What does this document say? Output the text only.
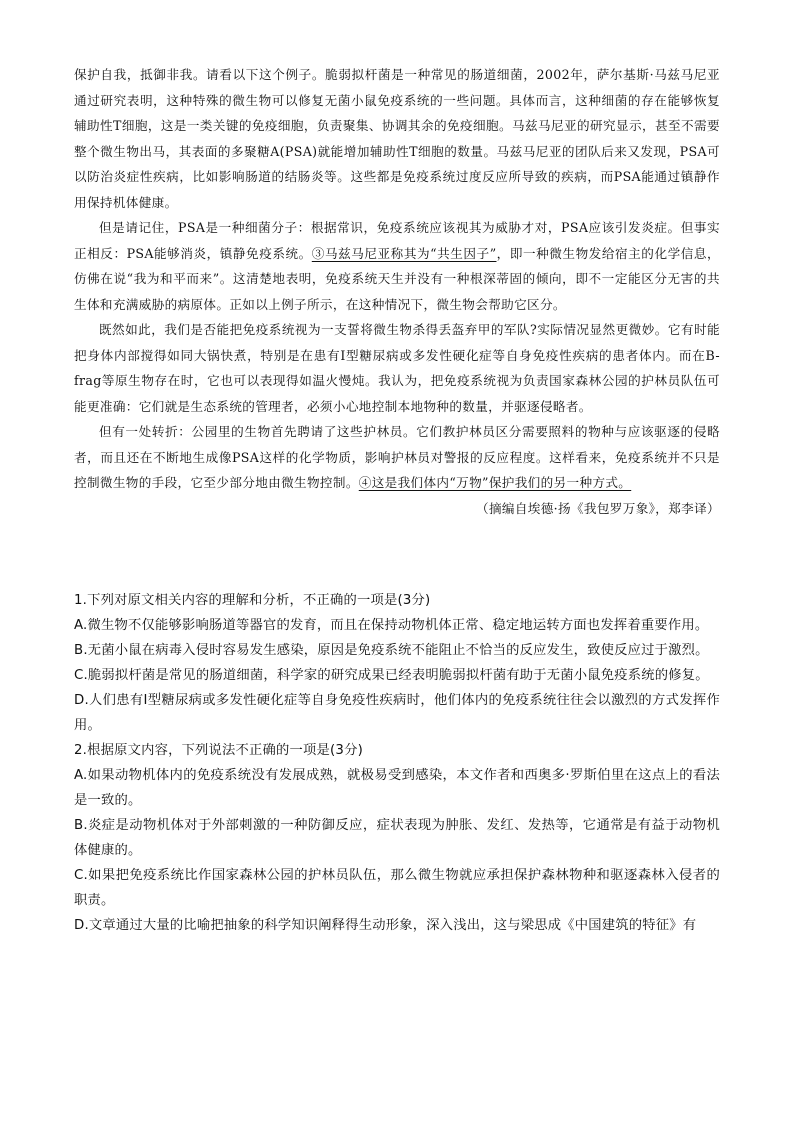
保护自我，抵御非我。请看以下这个例子。脆弱拟杆菌是一种常见的肠道细菌，2002年，萨尔基斯·马兹马尼亚通过研究表明，这种特殊的微生物可以修复无菌小鼠免疫系统的一些问题。具体而言，这种细菌的存在能够恢复辅助性T细胞，这是一类关键的免疫细胞，负责聚集、协调其余的免疫细胞。马兹马尼亚的研究显示，甚至不需要整个微生物出马，其表面的多聚糖A(PSA)就能增加辅助性T细胞的数量。马兹马尼亚的团队后来又发现，PSA可以防治炎症性疾病，比如影响肠道的结肠炎等。这些都是免疫系统过度反应所导致的疾病，而PSA能通过镇静作用保持机体健康。

但是请记住，PSA是一种细菌分子：根据常识，免疫系统应该视其为威胁才对，PSA应该引发炎症。但事实正相反：PSA能够消炎，镇静免疫系统。③马兹马尼亚称其为“共生因子”，即一种微生物发给宿主的化学信息，仿佛在说“我为和平而来”。这清楚地表明，免疫系统天生并没有一种根深蒂固的倾向，即不一定能区分无害的共生体和充满威胁的病原体。正如以上例子所示，在这种情况下，微生物会帮助它区分。

既然如此，我们是否能把免疫系统视为一支誓将微生物杀得丢盔弃甲的军队?实际情况显然更微妙。它有时能把身体内部搅得如同大锅快煮，特别是在患有Ⅰ型糖尿病或多发性硬化症等自身免疫性疾病的患者体内。而在B-frag等原生物存在时，它也可以表现得如温火慢炖。我认为，把免疫系统视为负责国家森林公园的护林员队伍可能更准确：它们就是生态系统的管理者，必须小心地控制本地物种的数量，并驱逐侵略者。

但有一处转折：公园里的生物首先聘请了这些护林员。它们教护林员区分需要照料的物种与应该驱逐的侵略者，而且还在不断地生成像PSA这样的化学物质，影响护林员对警报的反应程度。这样看来，免疫系统并不只是控制微生物的手段，它至少部分地由微生物控制。④这是我们体内“万物”保护我们的另一种方式。

（摘编自埃德·扬《我包罗万象》，郑李译）

1.下列对原文相关内容的理解和分析，不正确的一项是(3分)

A.微生物不仅能够影响肠道等器官的发育，而且在保持动物机体正常、稳定地运转方面也发挥着重要作用。

B.无菌小鼠在病毒入侵时容易发生感染，原因是免疫系统不能阻止不恰当的反应发生，致使反应过于激烈。

C.脆弱拟杆菌是常见的肠道细菌，科学家的研究成果已经表明脆弱拟杆菌有助于无菌小鼠免疫系统的修复。

D.人们患有Ⅰ型糖尿病或多发性硬化症等自身免疫性疾病时，他们体内的免疫系统往往会以激烈的方式发挥作用。

2.根据原文内容，下列说法不正确的一项是(3分)

A.如果动物机体内的免疫系统没有发展成熟，就极易受到感染，本文作者和西奥多·罗斯伯里在这点上的看法是一致的。

B.炎症是动物机体对于外部刺激的一种防御反应，症状表现为肿胀、发红、发热等，它通常是有益于动物机体健康的。

C.如果把免疫系统比作国家森林公园的护林员队伍，那么微生物就应承担保护森林物种和驱逐森林入侵者的职责。

D.文章通过大量的比喻把抽象的科学知识阐释得生动形象，深入浅出，这与梁思成《中国建筑的特征》有
